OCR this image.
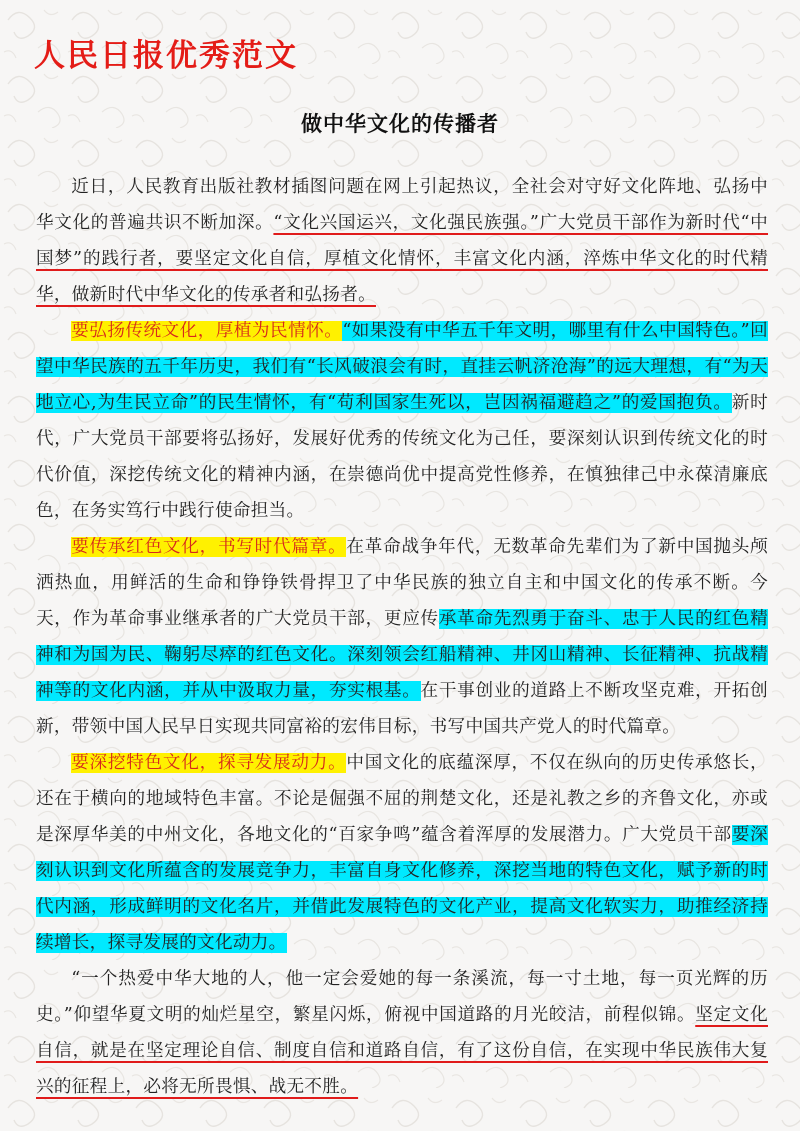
人民日报优秀范文
做中华文化的传播者

近日，人民教育出版社教材插图问题在网上引起热议，全社会对守好文化阵地、弘扬中华文化的普遍共识不断加深。“文化兴国运兴，文化强民族强。”广大党员干部作为新时代“中国梦”的践行者，要坚定文化自信，厚植文化情怀，丰富文化内涵，淬炼中华文化的时代精华，做新时代中华文化的传承者和弘扬者。

要弘扬传统文化，厚植为民情怀。“如果没有中华五千年文明，哪里有什么中国特色。”回望中华民族的五千年历史，我们有“长风破浪会有时，直挂云帆济沧海”的远大理想，有“为天地立心,为生民立命”的民生情怀，有“苟利国家生死以，岂因祸福避趋之”的爱国抱负。新时代，广大党员干部要将弘扬好，发展好优秀的传统文化为己任，要深刻认识到传统文化的时代价值，深挖传统文化的精神内涵，在崇德尚优中提高党性修养，在慎独律己中永葆清廉底色，在务实笃行中践行使命担当。

要传承红色文化，书写时代篇章。在革命战争年代，无数革命先辈们为了新中国抛头颅洒热血，用鲜活的生命和铮铮铁骨捍卫了中华民族的独立自主和中国文化的传承不断。今天，作为革命事业继承者的广大党员干部，更应传承革命先烈勇于奋斗、忠于人民的红色精神和为国为民、鞠躬尽瘁的红色文化。深刻领会红船精神、井冈山精神、长征精神、抗战精神等的文化内涵，并从中汲取力量，夯实根基。在干事创业的道路上不断攻坚克难，开拓创新，带领中国人民早日实现共同富裕的宏伟目标，书写中国共产党人的时代篇章。

要深挖特色文化，探寻发展动力。中国文化的底蕴深厚，不仅在纵向的历史传承悠长，还在于横向的地域特色丰富。不论是倔强不屈的荆楚文化，还是礼教之乡的齐鲁文化，亦或是深厚华美的中州文化，各地文化的“百家争鸣”蕴含着浑厚的发展潜力。广大党员干部要深刻认识到文化所蕴含的发展竞争力，丰富自身文化修养，深挖当地的特色文化，赋予新的时代内涵，形成鲜明的文化名片，并借此发展特色的文化产业，提高文化软实力，助推经济持续增长，探寻发展的文化动力。

“一个热爱中华大地的人，他一定会爱她的每一条溪流，每一寸土地，每一页光辉的历史。”仰望华夏文明的灿烂星空，繁星闪烁，俯视中国道路的月光皎洁，前程似锦。坚定文化自信，就是在坚定理论自信、制度自信和道路自信，有了这份自信，在实现中华民族伟大复兴的征程上，必将无所畏惧、战无不胜。
